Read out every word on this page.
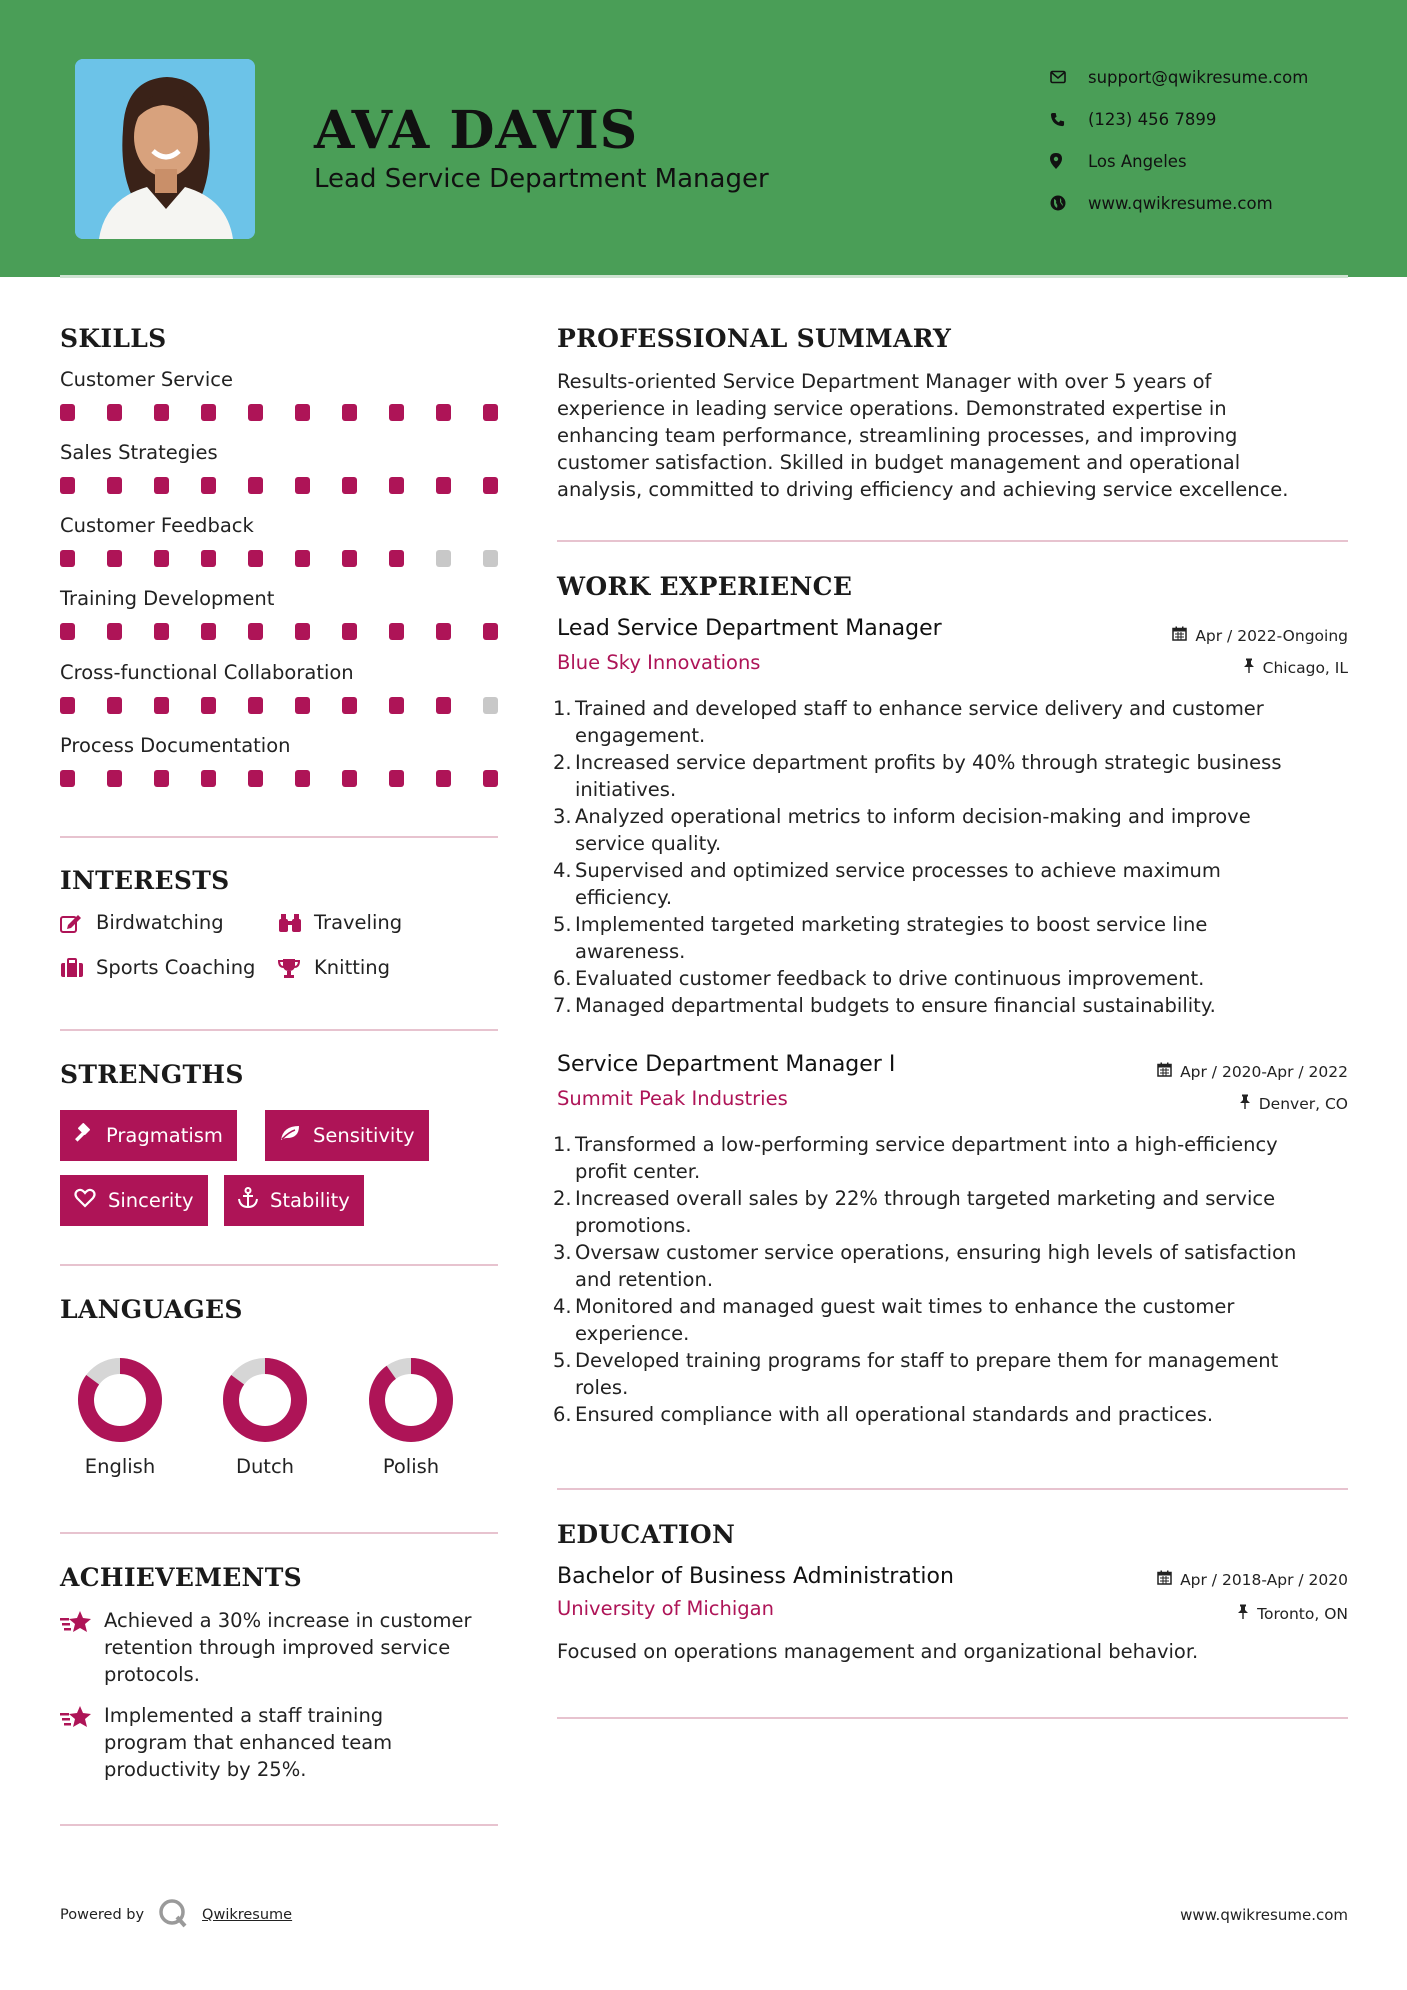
AVA DAVIS
Lead Service Department Manager
support@qwikresume.com
(123) 456 7899
Los Angeles
www.qwikresume.com
SKILLS
Customer Service
Sales Strategies
Customer Feedback
Training Development
Cross-functional Collaboration
Process Documentation
INTERESTS
Birdwatching	Traveling
Sports Coaching	Knitting
STRENGTHS
Pragmatism	Sensitivity
Sincerity	Stability
LANGUAGES
English	Dutch	Polish
ACHIEVEMENTS
Achieved a 30% increase in customer
retention through improved service
protocols.
Implemented a staff training
program that enhanced team
productivity by 25%.
PROFESSIONAL SUMMARY
Results-oriented Service Department Manager with over 5 years of
experience in leading service operations. Demonstrated expertise in
enhancing team performance, streamlining processes, and improving
customer satisfaction. Skilled in budget management and operational
analysis, committed to driving efficiency and achieving service excellence.
WORK EXPERIENCE
Lead Service Department Manager
Blue Sky Innovations
Apr / 2022-Ongoing
Chicago, IL
1. Trained and developed staff to enhance service delivery and customer
engagement.
2. Increased service department profits by 40% through strategic business
initiatives.
3. Analyzed operational metrics to inform decision-making and improve
service quality.
4. Supervised and optimized service processes to achieve maximum
efficiency.
5. Implemented targeted marketing strategies to boost service line
awareness.
6. Evaluated customer feedback to drive continuous improvement.
7. Managed departmental budgets to ensure financial sustainability.
Service Department Manager I
Summit Peak Industries
Apr / 2020-Apr / 2022
Denver, CO
1. Transformed a low-performing service department into a high-efficiency
profit center.
2. Increased overall sales by 22% through targeted marketing and service
promotions.
3. Oversaw customer service operations, ensuring high levels of satisfaction
and retention.
4. Monitored and managed guest wait times to enhance the customer
experience.
5. Developed training programs for staff to prepare them for management
roles.
6. Ensured compliance with all operational standards and practices.
EDUCATION
Bachelor of Business Administration
University of Michigan
Apr / 2018-Apr / 2020
Toronto, ON
Focused on operations management and organizational behavior.
Powered by	Qwikresume	www.qwikresume.com
